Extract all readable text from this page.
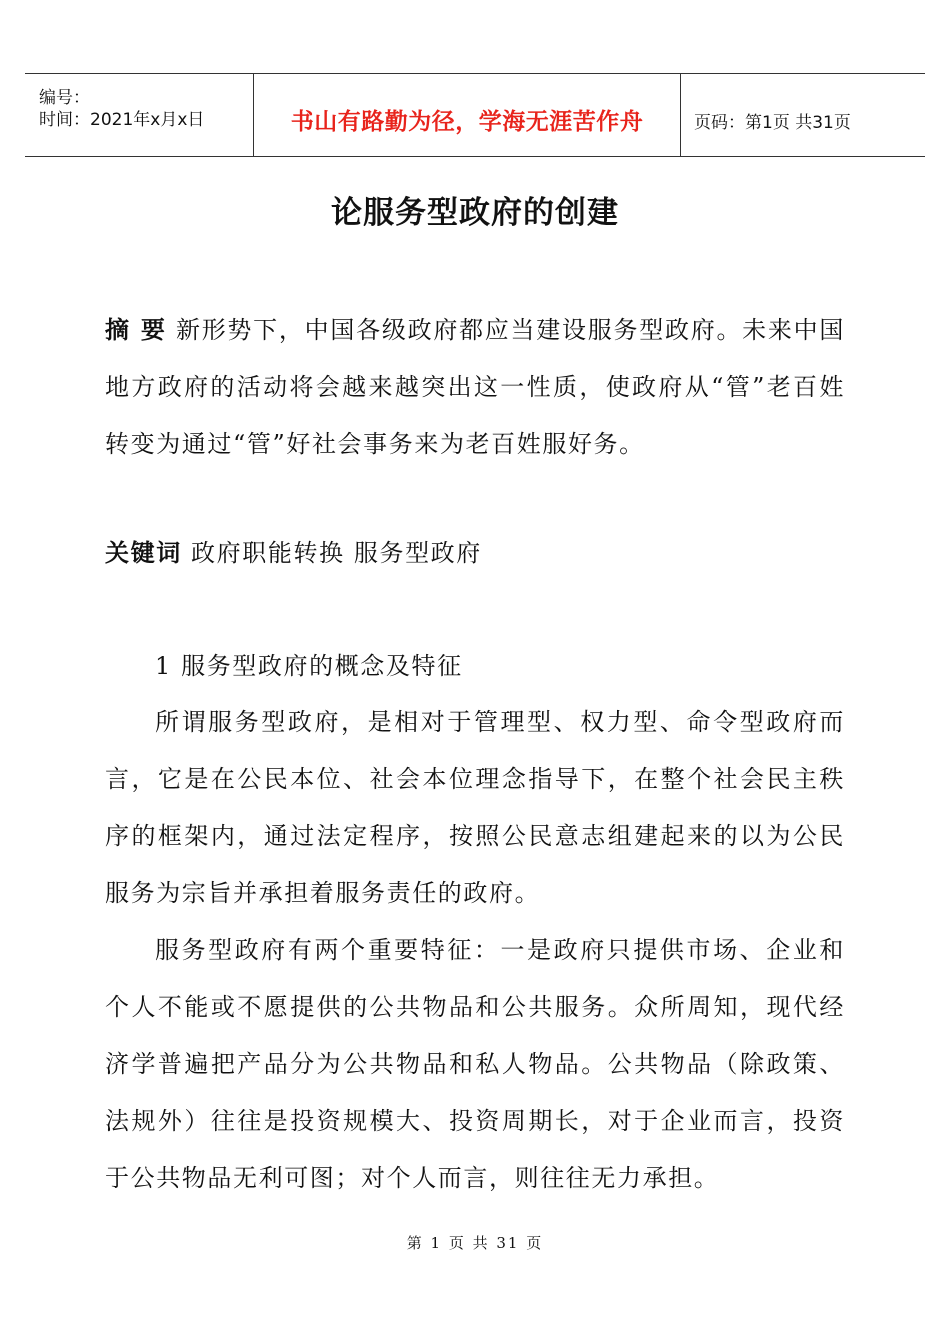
编号：
时间：2021年x月x日	书山有路勤为径，学海无涯苦作舟	页码：第1页 共31页
论服务型政府的创建
摘 要 新形势下，中国各级政府都应当建设服务型政府。未来中国地方政府的活动将会越来越突出这一性质，使政府从“管”老百姓转变为通过“管”好社会事务来为老百姓服好务。
关键词 政府职能转换 服务型政府
1 服务型政府的概念及特征
所谓服务型政府，是相对于管理型、权力型、命令型政府而言，它是在公民本位、社会本位理念指导下，在整个社会民主秩序的框架内，通过法定程序，按照公民意志组建起来的以为公民服务为宗旨并承担着服务责任的政府。
服务型政府有两个重要特征：一是政府只提供市场、企业和个人不能或不愿提供的公共物品和公共服务。众所周知，现代经济学普遍把产品分为公共物品和私人物品。公共物品（除政策、法规外）往往是投资规模大、投资周期长，对于企业而言，投资于公共物品无利可图；对个人而言，则往往无力承担。
第 1 页 共 31 页
